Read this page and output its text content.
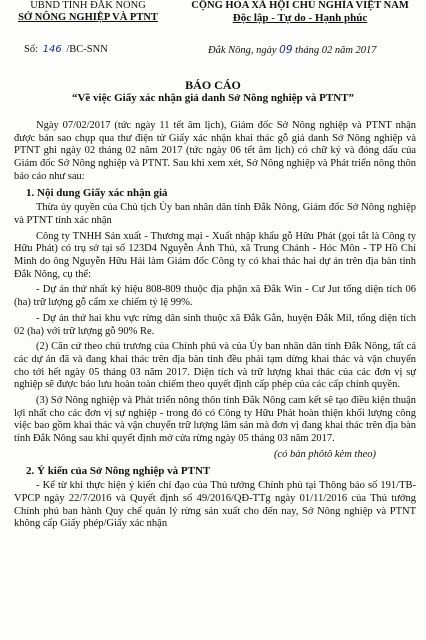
UBND TỈNH ĐẮK NÔNG
SỞ NÔNG NGHIỆP VÀ PTNT
CỘNG HÒA XÃ HỘI CHỦ NGHĨA VIỆT NAM
Độc lập - Tự do - Hạnh phúc
Số: 146 /BC-SNN	Đắk Nông, ngày 09 tháng 02 năm 2017
BÁO CÁO
“Về việc Giấy xác nhận giả danh Sở Nông nghiệp và PTNT”

Ngày 07/02/2017 (tức ngày 11 tết âm lịch), Giám đốc Sở Nông nghiệp và PTNT nhận được bản sao chụp qua thư điện tử Giấy xác nhận khai thác gỗ giả danh Sở Nông nghiệp và PTNT ghi ngày 02 tháng 02 năm 2017 (tức ngày 06 tết âm lịch) có chữ ký và đóng dấu của Giám đốc Sở Nông nghiệp và PTNT. Sau khi xem xét, Sở Nông nghiệp và Phát triển nông thôn báo cáo như sau:

1. Nội dung Giấy xác nhận giả

Thừa ủy quyền của Chủ tịch Ủy ban nhân dân tỉnh Đắk Nông, Giám đốc Sở Nông nghiệp và PTNT tỉnh xác nhận

Công ty TNHH Sản xuất - Thương mại - Xuất nhập khẩu gỗ Hữu Phát (gọi tắt là Công ty Hữu Phát) có trụ sở tại số 123D4 Nguyễn Ảnh Thủ, xã Trung Chánh - Hóc Môn - TP Hồ Chí Minh do ông Nguyễn Hữu Hải làm Giám đốc Công ty có khai thác hai dự án trên địa bàn tỉnh Đắk Nông, cụ thể:

- Dự án thứ nhất ký hiệu 808-809 thuộc địa phận xã Đắk Win - Cư Jut tổng diện tích 06 (ha) trữ lượng gỗ cẩm xe chiếm tỷ lệ 99%.

- Dự án thứ hai khu vực rừng dân sinh thuộc xã Đắk Gằn, huyện Đắk Mil, tổng diện tích 02 (ha) với trữ lượng gỗ 90% Re.

(2) Căn cứ theo chủ trương của Chính phủ và của Ủy ban nhân dân tỉnh Đắk Nông, tất cả các dự án đã và đang khai thác trên địa bàn tỉnh đều phải tạm dừng khai thác và vận chuyển cho tới hết ngày 05 tháng 03 năm 2017. Diện tích và trữ lượng khai thác của các đơn vị sự nghiệp sẽ được bảo lưu hoàn toàn chiếm theo quyết định cấp phép của các cấp chính quyền.

(3) Sở Nông nghiệp và Phát triển nông thôn tỉnh Đắk Nông cam kết sẽ tạo điều kiện thuận lợi nhất cho các đơn vị sự nghiệp - trong đó có Công ty Hữu Phát hoàn thiện khối lượng công việc bao gồm khai thác và vận chuyển trữ lượng lâm sản mà đơn vị đang khai thác trên địa bàn tỉnh Đắk Nông sau khi quyết định mở cửa rừng ngày 05 tháng 03 năm 2017.

(có bản phôtô kèm theo)

2. Ý kiến của Sở Nông nghiệp và PTNT

- Kể từ khi thực hiện ý kiến chỉ đạo của Thủ tướng Chính phủ tại Thông báo số 191/TB-VPCP ngày 22/7/2016 và Quyết định số 49/2016/QĐ-TTg ngày 01/11/2016 của Thủ tướng Chính phủ ban hành Quy chế quản lý rừng sản xuất cho đến nay, Sở Nông nghiệp và PTNT không cấp Giấy phép/Giấy xác nhận
